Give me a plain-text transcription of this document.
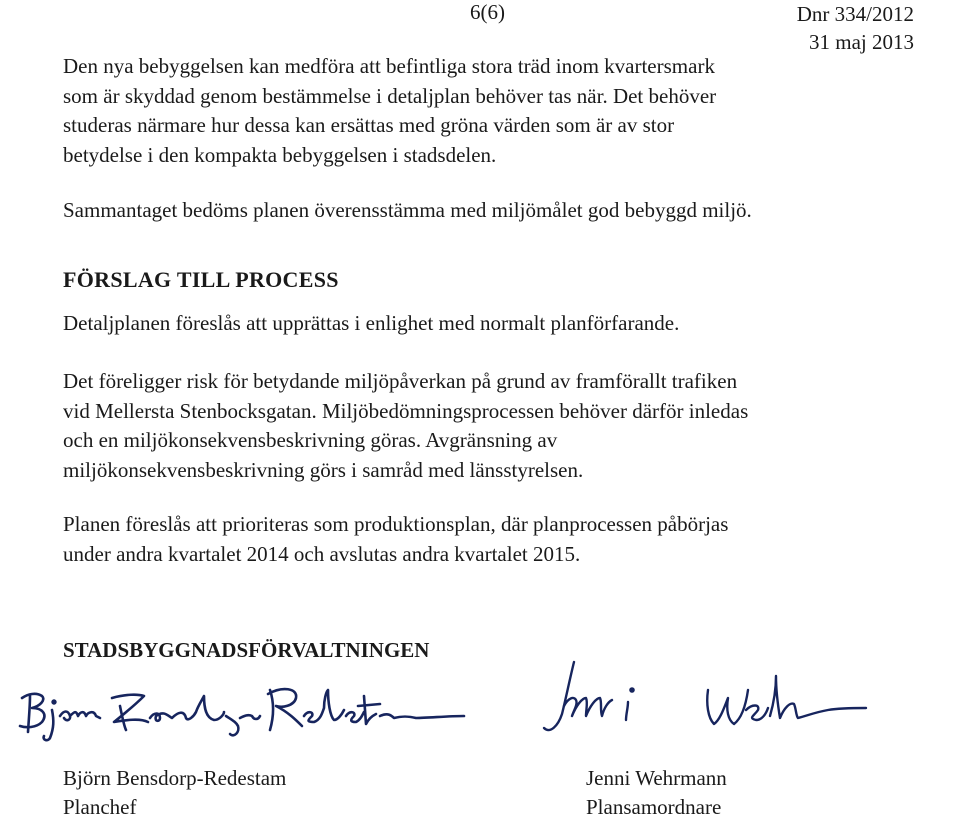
6(6)	Dnr 334/2012
31 maj 2013

Den nya bebyggelsen kan medföra att befintliga stora träd inom kvartersmark
som är skyddad genom bestämmelse i detaljplan behöver tas när. Det behöver
studeras närmare hur dessa kan ersättas med gröna värden som är av stor
betydelse i den kompakta bebyggelsen i stadsdelen.

Sammantaget bedöms planen överensstämma med miljömålet god bebyggd miljö.

FÖRSLAG TILL PROCESS

Detaljplanen föreslås att upprättas i enlighet med normalt planförfarande.

Det föreligger risk för betydande miljöpåverkan på grund av framförallt trafiken
vid Mellersta Stenbocksgatan. Miljöbedömningsprocessen behöver därför inledas
och en miljökonsekvensbeskrivning göras. Avgränsning av
miljökonsekvensbeskrivning görs i samråd med länsstyrelsen.

Planen föreslås att prioriteras som produktionsplan, där planprocessen påbörjas
under andra kvartalet 2014 och avslutas andra kvartalet 2015.

STADSBYGGNADSFÖRVALTNINGEN
Björn Bensdorp-Redestam
Planchef
Jenni Wehrmann
Plansamordnare
